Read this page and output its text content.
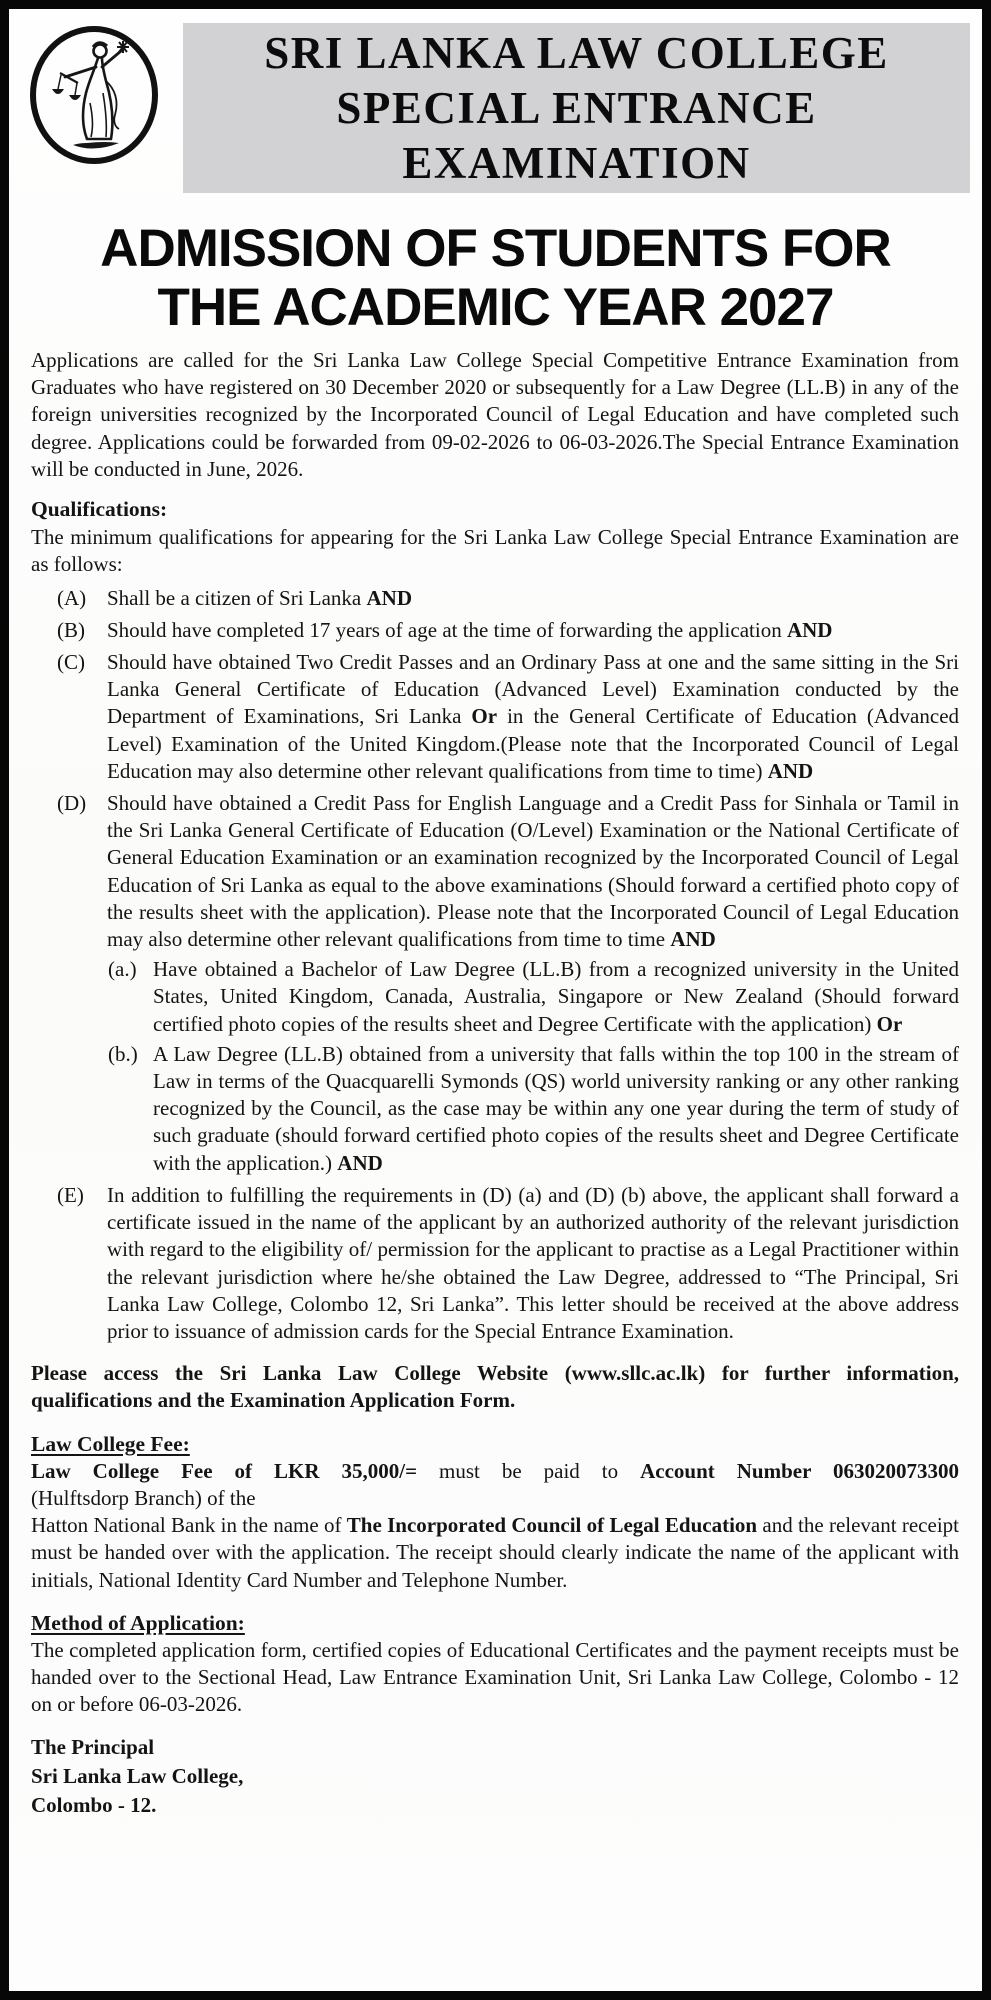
SRI LANKA LAW COLLEGE
SPECIAL ENTRANCE
EXAMINATION
ADMISSION OF STUDENTS FOR
THE ACADEMIC YEAR 2027
Applications are called for the Sri Lanka Law College Special Competitive Entrance Examination from Graduates who have registered on 30 December 2020 or subsequently for a Law Degree (LL.B) in any of the foreign universities recognized by the Incorporated Council of Legal Education and have completed such degree. Applications could be forwarded from 09-02-2026 to 06-03-2026.The Special Entrance Examination will be conducted in June, 2026.
Qualifications:
The minimum qualifications for appearing for the Sri Lanka Law College Special Entrance Examination are as follows:
(A) Shall be a citizen of Sri Lanka AND
(B)	Should have completed 17 years of age at the time of forwarding the application AND
(C)	Should have obtained Two Credit Passes and an Ordinary Pass at one and the same sitting in the Sri Lanka General Certificate of Education (Advanced Level) Examination conducted by the Department of Examinations, Sri Lanka Or in the General Certificate of Education (Advanced Level) Examination of the United Kingdom.(Please note that the Incorporated Council of Legal Education may also determine other relevant qualifications from time to time) AND
(D) Should have obtained a Credit Pass for English Language and a Credit Pass for Sinhala or Tamil in the Sri Lanka General Certificate of Education (O/Level) Examination or the National Certificate of General Education Examination or an examination recognized by the Incorporated Council of Legal Education of Sri Lanka as equal to the above examinations (Should forward a certified photo copy of the results sheet with the application). Please note that the Incorporated Council of Legal Education may also determine other relevant qualifications from time to time AND
(a.) Have obtained a Bachelor of Law Degree (LL.B) from a recognized university in the United States, United Kingdom, Canada, Australia, Singapore or New Zealand (Should forward certified photo copies of the results sheet and Degree Certificate with the application) Or
(b.) A Law Degree (LL.B) obtained from a university that falls within the top 100 in the stream of Law in terms of the Quacquarelli Symonds (QS) world university ranking or any other ranking recognized by the Council, as the case may be within any one year during the term of study of such graduate (should forward certified photo copies of the results sheet and Degree Certificate with the application.) AND
(E)	In addition to fulfilling the requirements in (D) (a) and (D) (b) above, the applicant shall forward a certificate issued in the name of the applicant by an authorized authority of the relevant jurisdiction with regard to the eligibility of/ permission for the applicant to practise as a Legal Practitioner within the relevant jurisdiction where he/she obtained the Law Degree, addressed to “The Principal, Sri Lanka Law College, Colombo 12, Sri Lanka”. This letter should be received at the above address prior to issuance of admission cards for the Special Entrance Examination.
Please access the Sri Lanka Law College Website (www.sllc.ac.lk) for further information, qualifications and the Examination Application Form.
Law College Fee:
Law College Fee of LKR 35,000/= must be paid to Account Number 063020073300
(Hulftsdorp Branch) of the
Hatton National Bank in the name of The Incorporated Council of Legal Education and the relevant receipt must be handed over with the application. The receipt should clearly indicate the name of the applicant with initials, National Identity Card Number and Telephone Number.
Method of Application:
The completed application form, certified copies of Educational Certificates and the payment receipts must be handed over to the Sectional Head, Law Entrance Examination Unit, Sri Lanka Law College, Colombo - 12 on or before 06-03-2026.
The Principal
Sri Lanka Law College,
Colombo - 12.
